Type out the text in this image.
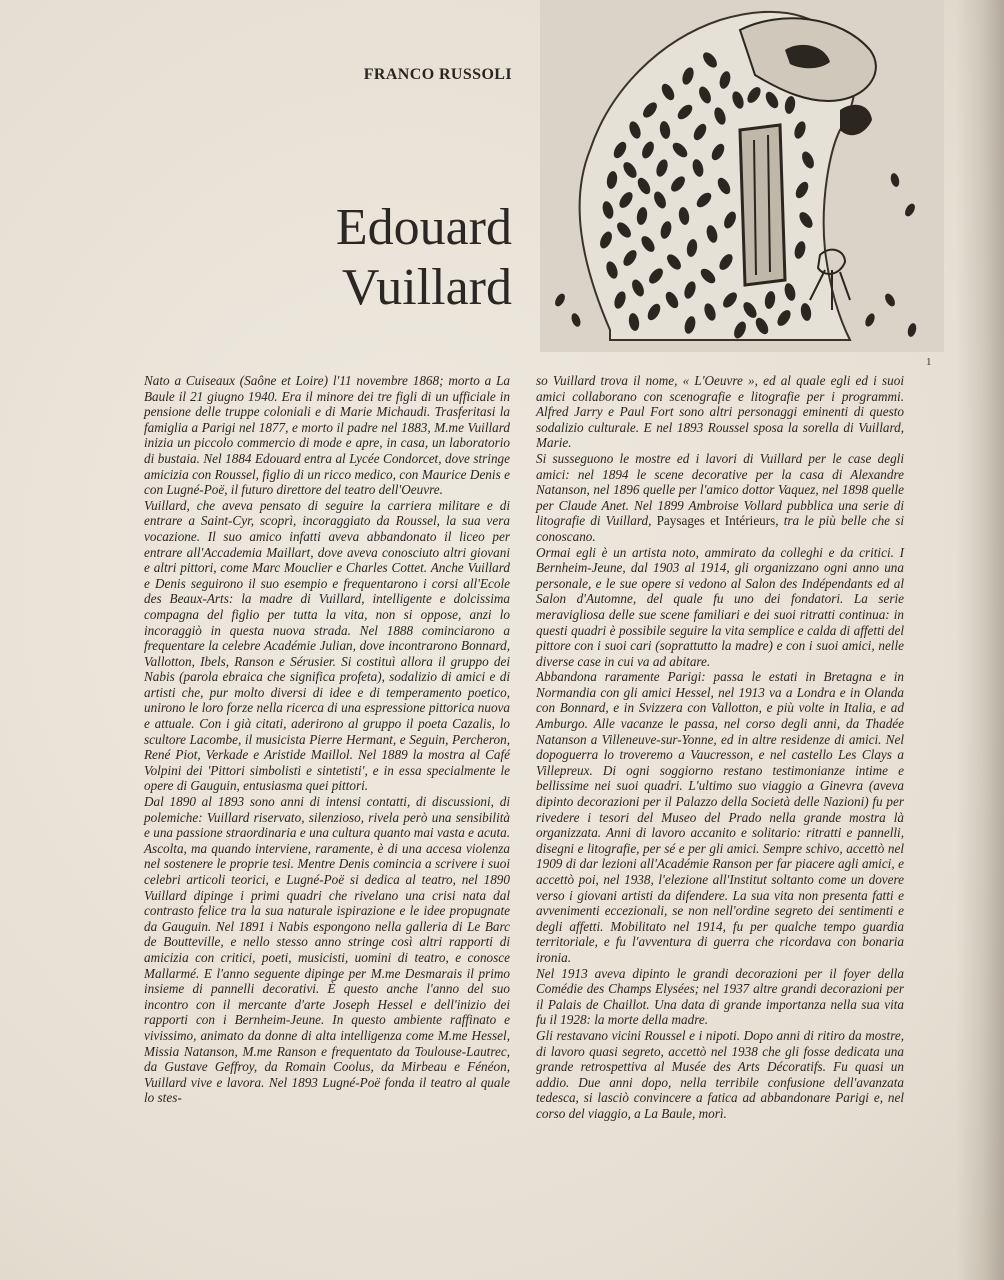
FRANCO RUSSOLI
Edouard
Vuillard
1

Nato a Cuiseaux (Saône et Loire) l'11 novembre 1868; morto a La Baule il 21 giugno 1940. Era il minore dei tre figli di un ufficiale in pensione delle truppe coloniali e di Marie Michaudi. Trasferitasi la famiglia a Parigi nel 1877, e morto il padre nel 1883, M.me Vuillard inizia un piccolo commercio di mode e apre, in casa, un laboratorio di bustaia. Nel 1884 Edouard entra al Lycée Condorcet, dove stringe amicizia con Roussel, figlio di un ricco medico, con Maurice Denis e con Lugné-Poë, il futuro direttore del teatro dell'Oeuvre.

Vuillard, che aveva pensato di seguire la carriera militare e di entrare a Saint-Cyr, scoprì, incoraggiato da Roussel, la sua vera vocazione. Il suo amico infatti aveva abbandonato il liceo per entrare all'Accademia Maillart, dove aveva conosciuto altri giovani e altri pittori, come Marc Mouclier e Charles Cottet. Anche Vuillard e Denis seguirono il suo esempio e frequentarono i corsi all'Ecole des Beaux-Arts: la madre di Vuillard, intelligente e dolcissima compagna del figlio per tutta la vita, non si oppose, anzi lo incoraggiò in questa nuova strada. Nel 1888 cominciarono a frequentare la celebre Académie Julian, dove incontrarono Bonnard, Vallotton, Ibels, Ranson e Sérusier. Si costituì allora il gruppo dei Nabis (parola ebraica che significa profeta), sodalizio di amici e di artisti che, pur molto diversi di idee e di temperamento poetico, unirono le loro forze nella ricerca di una espressione pittorica nuova e attuale. Con i già citati, aderirono al gruppo il poeta Cazalis, lo scultore Lacombe, il musicista Pierre Hermant, e Seguin, Percheron, René Piot, Verkade e Aristide Maillol. Nel 1889 la mostra al Café Volpini dei 'Pittori simbolisti e sintetisti', e in essa specialmente le opere di Gauguin, entusiasma quei pittori.

Dal 1890 al 1893 sono anni di intensi contatti, di discussioni, di polemiche: Vuillard riservato, silenzioso, rivela però una sensibilità e una passione straordinaria e una cultura quanto mai vasta e acuta. Ascolta, ma quando interviene, raramente, è di una accesa violenza nel sostenere le proprie tesi. Mentre Denis comincia a scrivere i suoi celebri articoli teorici, e Lugné-Poë si dedica al teatro, nel 1890 Vuillard dipinge i primi quadri che rivelano una crisi nata dal contrasto felice tra la sua naturale ispirazione e le idee propugnate da Gauguin. Nel 1891 i Nabis espongono nella galleria di Le Barc de Boutteville, e nello stesso anno stringe così altri rapporti di amicizia con critici, poeti, musicisti, uomini di teatro, e conosce Mallarmé. E l'anno seguente dipinge per M.me Desmarais il primo insieme di pannelli decorativi. È questo anche l'anno del suo incontro con il mercante d'arte Joseph Hessel e dell'inizio dei rapporti con i Bernheim-Jeune. In questo ambiente raffinato e vivissimo, animato da donne di alta intelligenza come M.me Hessel, Missia Natanson, M.me Ranson e frequentato da Toulouse-Lautrec, da Gustave Geffroy, da Romain Coolus, da Mirbeau e Fénéon, Vuillard vive e lavora. Nel 1893 Lugné-Poë fonda il teatro al quale lo stes-

so Vuillard trova il nome, « L'Oeuvre », ed al quale egli ed i suoi amici collaborano con scenografie e litografie per i programmi. Alfred Jarry e Paul Fort sono altri personaggi eminenti di questo sodalizio culturale. E nel 1893 Roussel sposa la sorella di Vuillard, Marie.

Si susseguono le mostre ed i lavori di Vuillard per le case degli amici: nel 1894 le scene decorative per la casa di Alexandre Natanson, nel 1896 quelle per l'amico dottor Vaquez, nel 1898 quelle per Claude Anet. Nel 1899 Ambroise Vollard pubblica una serie di litografie di Vuillard, Paysages et Intérieurs, tra le più belle che si conoscano.

Ormai egli è un artista noto, ammirato da colleghi e da critici. I Bernheim-Jeune, dal 1903 al 1914, gli organizzano ogni anno una personale, e le sue opere si vedono al Salon des Indépendants ed al Salon d'Automne, del quale fu uno dei fondatori. La serie meravigliosa delle sue scene familiari e dei suoi ritratti continua: in questi quadri è possibile seguire la vita semplice e calda di affetti del pittore con i suoi cari (soprattutto la madre) e con i suoi amici, nelle diverse case in cui va ad abitare.

Abbandona raramente Parigi: passa le estati in Bretagna e in Normandia con gli amici Hessel, nel 1913 va a Londra e in Olanda con Bonnard, e in Svizzera con Vallotton, e più volte in Italia, e ad Amburgo. Alle vacanze le passa, nel corso degli anni, da Thadée Natanson a Villeneuve-sur-Yonne, ed in altre residenze di amici. Nel dopoguerra lo troveremo a Vaucresson, e nel castello Les Clays a Villepreux. Di ogni soggiorno restano testimonianze intime e bellissime nei suoi quadri. L'ultimo suo viaggio a Ginevra (aveva dipinto decorazioni per il Palazzo della Società delle Nazioni) fu per rivedere i tesori del Museo del Prado nella grande mostra là organizzata. Anni di lavoro accanito e solitario: ritratti e pannelli, disegni e litografie, per sé e per gli amici. Sempre schivo, accettò nel 1909 di dar lezioni all'Académie Ranson per far piacere agli amici, e accettò poi, nel 1938, l'elezione all'Institut soltanto come un dovere verso i giovani artisti da difendere. La sua vita non presenta fatti e avvenimenti eccezionali, se non nell'ordine segreto dei sentimenti e degli affetti. Mobilitato nel 1914, fu per qualche tempo guardia territoriale, e fu l'avventura di guerra che ricordava con bonaria ironia.

Nel 1913 aveva dipinto le grandi decorazioni per il foyer della Comédie des Champs Elysées; nel 1937 altre grandi decorazioni per il Palais de Chaillot. Una data di grande importanza nella sua vita fu il 1928: la morte della madre.

Gli restavano vicini Roussel e i nipoti. Dopo anni di ritiro da mostre, di lavoro quasi segreto, accettò nel 1938 che gli fosse dedicata una grande retrospettiva al Musée des Arts Décoratifs. Fu quasi un addio. Due anni dopo, nella terribile confusione dell'avanzata tedesca, si lasciò convincere a fatica ad abbandonare Parigi e, nel corso del viaggio, a La Baule, morì.
